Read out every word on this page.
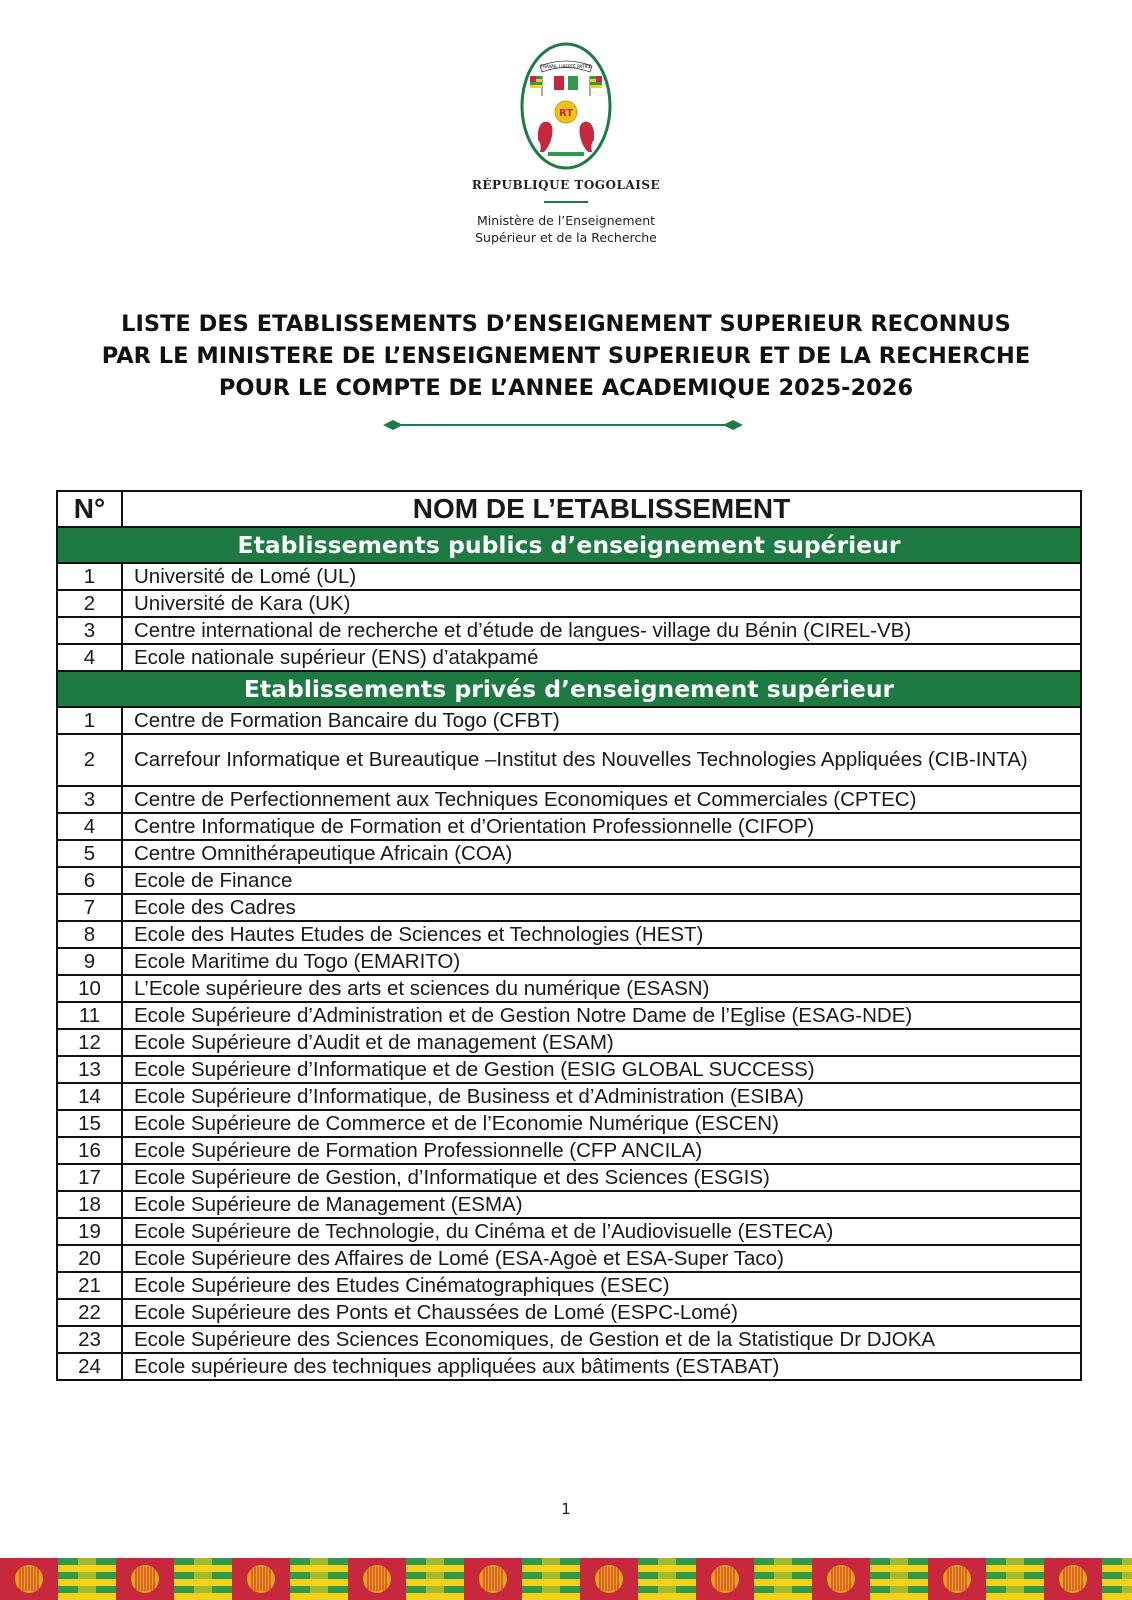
TRAVAIL LIBERTÉ PATRIE
RT
RÉPUBLIQUE TOGOLAISE
Ministère de l’Enseignement
Supérieur et de la Recherche
LISTE DES ETABLISSEMENTS D’ENSEIGNEMENT SUPERIEUR RECONNUS
PAR LE MINISTERE DE L’ENSEIGNEMENT SUPERIEUR ET DE LA RECHERCHE
POUR LE COMPTE DE L’ANNEE ACADEMIQUE 2025-2026
N°	NOM DE L’ETABLISSEMENT
Etablissements publics d’enseignement supérieur	
1	Université de Lomé (UL)
2	Université de Kara (UK)
3	Centre international de recherche et d’étude de langues- village du Bénin (CIREL-VB)
4	Ecole nationale supérieur (ENS) d’atakpamé
Etablissements privés d’enseignement supérieur	
1	Centre de Formation Bancaire du Togo (CFBT)
2	Carrefour Informatique et Bureautique –Institut des Nouvelles Technologies Appliquées (CIB-INTA)
3	Centre de Perfectionnement aux Techniques Economiques et Commerciales (CPTEC)
4	Centre Informatique de Formation et d’Orientation Professionnelle (CIFOP)
5	Centre Omnithérapeutique Africain (COA)
6	Ecole de Finance
7	Ecole des Cadres
8	Ecole des Hautes Etudes de Sciences et Technologies (HEST)
9	Ecole Maritime du Togo (EMARITO)
10	L’Ecole supérieure des arts et sciences du numérique (ESASN)
11	Ecole Supérieure d’Administration et de Gestion Notre Dame de l’Eglise (ESAG-NDE)
12	Ecole Supérieure d’Audit et de management (ESAM)
13	Ecole Supérieure d’Informatique et de Gestion (ESIG GLOBAL SUCCESS)
14	Ecole Supérieure d’Informatique, de Business et d’Administration (ESIBA)
15	Ecole Supérieure de Commerce et de l’Economie Numérique (ESCEN)
16	Ecole Supérieure de Formation Professionnelle (CFP ANCILA)
17	Ecole Supérieure de Gestion, d’Informatique et des Sciences (ESGIS)
18	Ecole Supérieure de Management (ESMA)
19	Ecole Supérieure de Technologie, du Cinéma et de l’Audiovisuelle (ESTECA)
20	Ecole Supérieure des Affaires de Lomé (ESA-Agoè et ESA-Super Taco)
21	Ecole Supérieure des Etudes Cinématographiques (ESEC)
22	Ecole Supérieure des Ponts et Chaussées de Lomé (ESPC-Lomé)
23	Ecole Supérieure des Sciences Economiques, de Gestion et de la Statistique Dr DJOKA
24	Ecole supérieure des techniques appliquées aux bâtiments (ESTABAT)
1
